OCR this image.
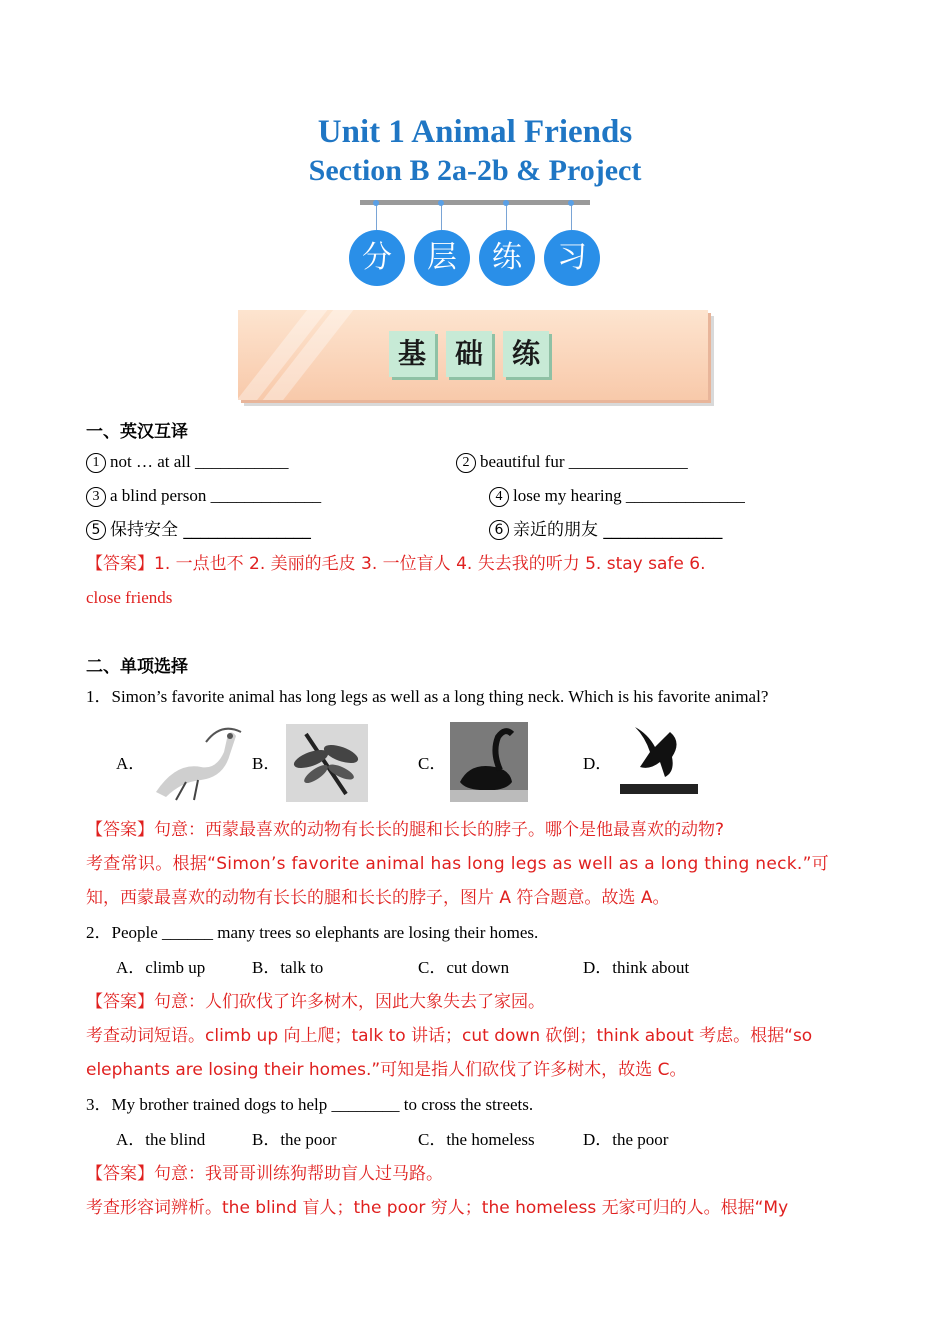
Unit 1 Animal Friends
Section B 2a-2b & Project
分	层	练	习
基	础	练
一、英汉互译
1 not … at all ___________	2 beautiful fur ______________
3 a blind person _____________	4 lose my hearing ______________
5 保持安全 _______________	6 亲近的朋友 ______________
【答案】1. 一点也不 2. 美丽的毛皮 3. 一位盲人 4. 失去我的听力 5. stay safe 6.
close friends
二、单项选择
1．Simon’s favorite animal has long legs as well as a long thing neck. Which is his favorite animal?
A．	B．	C．	D．
【答案】句意：西蒙最喜欢的动物有长长的腿和长长的脖子。哪个是他最喜欢的动物?
考查常识。根据“Simon’s favorite animal has long legs as well as a long thing neck.”可
知，西蒙最喜欢的动物有长长的腿和长长的脖子，图片 A 符合题意。故选 A。
2．People ______ many trees so elephants are losing their homes.
A．climb up	B．talk to	C．cut down	D．think about
【答案】句意：人们砍伐了许多树木，因此大象失去了家园。
考查动词短语。climb up 向上爬；talk to 讲话；cut down 砍倒；think about 考虑。根据“so
elephants are losing their homes.”可知是指人们砍伐了许多树木，故选 C。
3．My brother trained dogs to help ________ to cross the streets.
A．the blind	B．the poor	C．the homeless	D．the poor
【答案】句意：我哥哥训练狗帮助盲人过马路。
考查形容词辨析。the blind 盲人；the poor 穷人；the homeless 无家可归的人。根据“My
